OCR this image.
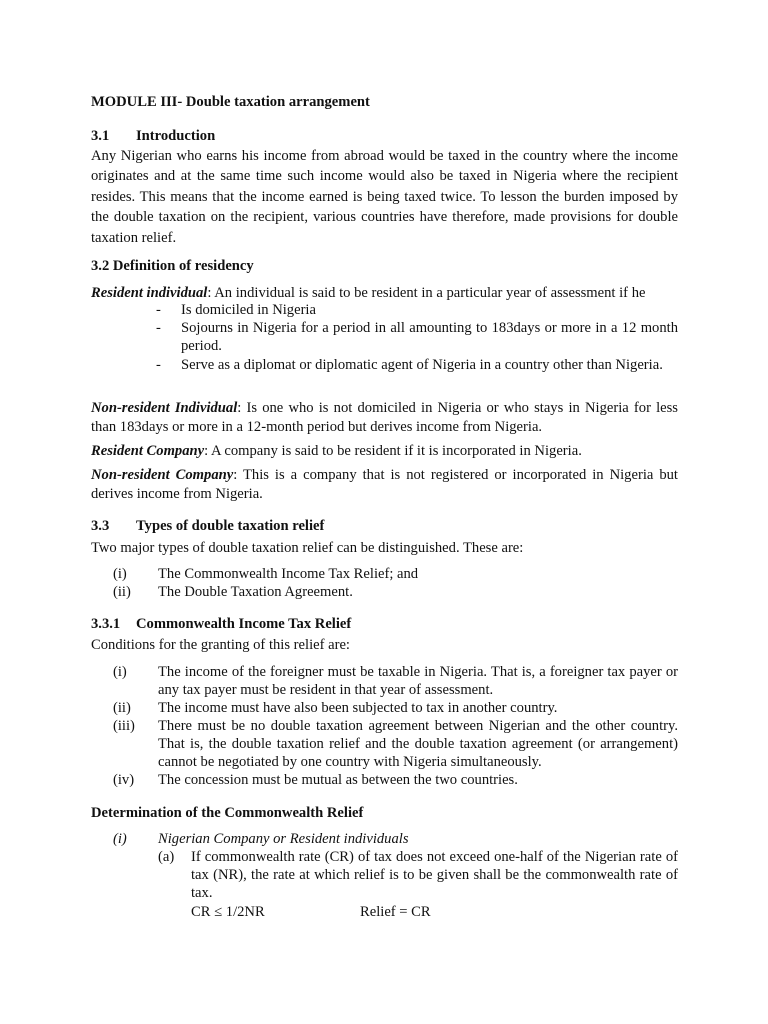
MODULE III- Double taxation arrangement
3.1 Introduction
Any Nigerian who earns his income from abroad would be taxed in the country where the income originates and at the same time such income would also be taxed in Nigeria where the recipient resides. This means that the income earned is being taxed twice. To lesson the burden imposed by the double taxation on the recipient, various countries have therefore, made provisions for double taxation relief.
3.2 Definition of residency
Resident individual: An individual is said to be resident in a particular year of assessment if he
- Is domiciled in Nigeria
- Sojourns in Nigeria for a period in all amounting to 183days or more in a 12 month period.
- Serve as a diplomat or diplomatic agent of Nigeria in a country other than Nigeria.
Non-resident Individual: Is one who is not domiciled in Nigeria or who stays in Nigeria for less than 183days or more in a 12-month period but derives income from Nigeria.
Resident Company: A company is said to be resident if it is incorporated in Nigeria.
Non-resident Company: This is a company that is not registered or incorporated in Nigeria but derives income from Nigeria.
3.3 Types of double taxation relief
Two major types of double taxation relief can be distinguished. These are:
(i) The Commonwealth Income Tax Relief; and
(ii) The Double Taxation Agreement.
3.3.1 Commonwealth Income Tax Relief
Conditions for the granting of this relief are:
(i) The income of the foreigner must be taxable in Nigeria. That is, a foreigner tax payer or any tax payer must be resident in that year of assessment.
(ii) The income must have also been subjected to tax in another country.
(iii) There must be no double taxation agreement between Nigerian and the other country. That is, the double taxation relief and the double taxation agreement (or arrangement) cannot be negotiated by one country with Nigeria simultaneously.
(iv) The concession must be mutual as between the two countries.
Determination of the Commonwealth Relief
(i) Nigerian Company or Resident individuals
(a) If commonwealth rate (CR) of tax does not exceed one-half of the Nigerian rate of tax (NR), the rate at which relief is to be given shall be the commonwealth rate of tax.
CR ≤ 1/2NR	Relief = CR
